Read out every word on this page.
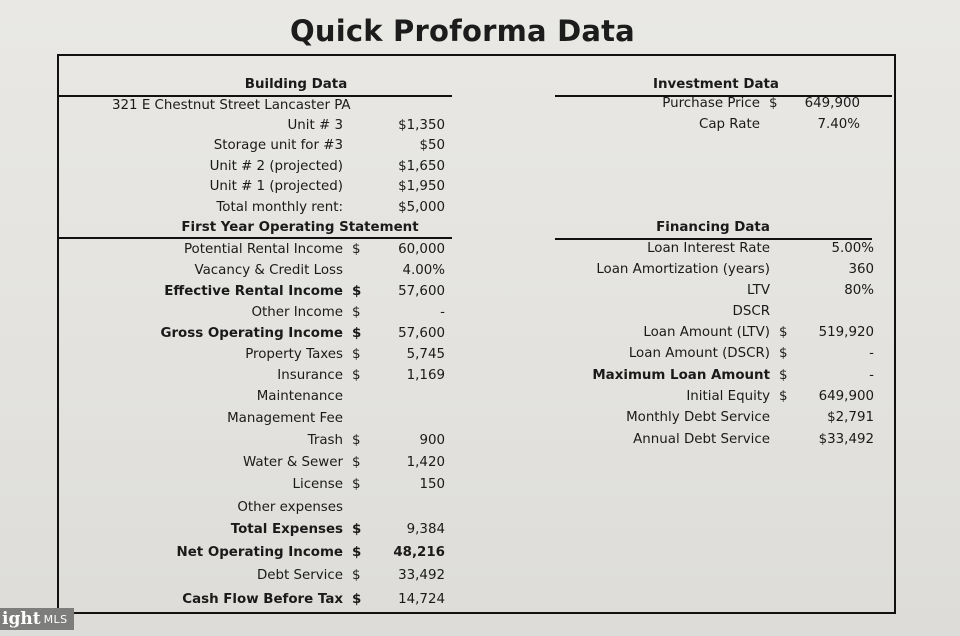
Quick Proforma Data
Building Data
First Year Operating Statement
Investment Data
Financing Data
321 E Chestnut Street Lancaster PA
Unit # 3	$1,350
Storage unit for #3	$50
Unit # 2 (projected)	$1,650
Unit # 1 (projected)	$1,950
Total monthly rent:	$5,000
Potential Rental Income $	60,000
Vacancy & Credit Loss	4.00%
Effective Rental Income $	57,600
Other Income $	-
Gross Operating Income $	57,600
Property Taxes $	5,745
Insurance $	1,169
Maintenance
Management Fee
Trash $	900
Water & Sewer $	1,420
License $	150
Other expenses
Total Expenses $	9,384
Net Operating Income $ 48,216
Debt Service $	33,492
Cash Flow Before Tax $	14,724
Purchase Price $ 649,900
Cap Rate	7.40%
Loan Interest Rate	5.00%
Loan Amortization (years)	360
LTV	80%
DSCR
Loan Amount (LTV) $ 519,920
Loan Amount (DSCR) $	-
Maximum Loan Amount $	-
Initial Equity $ 649,900
Monthly Debt Service	$2,791
Annual Debt Service	$33,492
ight MLS
